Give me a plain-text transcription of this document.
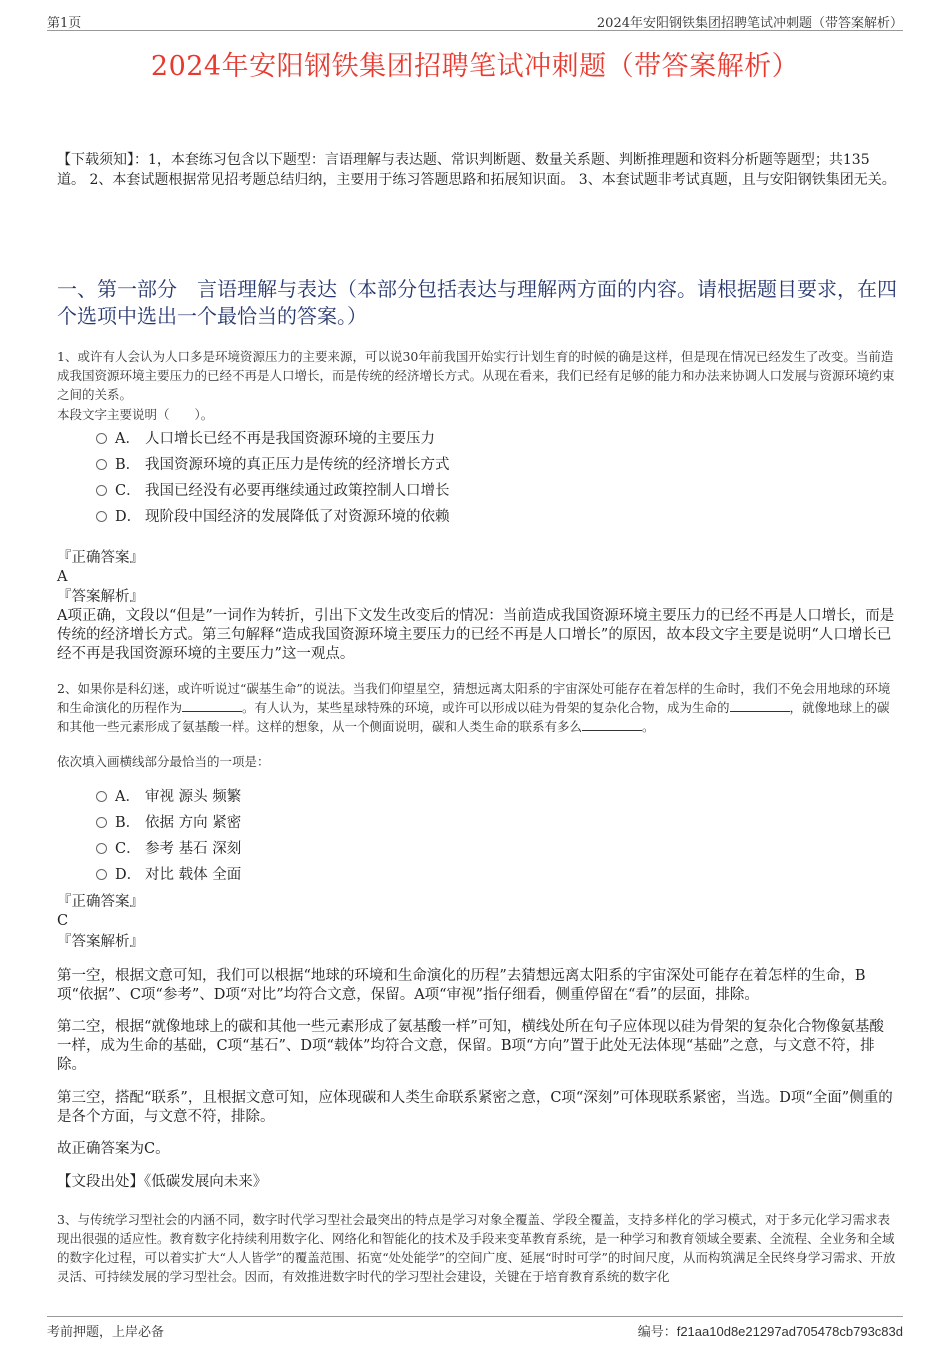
第1页	2024年安阳钢铁集团招聘笔试冲刺题（带答案解析）
2024年安阳钢铁集团招聘笔试冲刺题（带答案解析）
【下载须知】：1，本套练习包含以下题型：言语理解与表达题、常识判断题、数量关系题、判断推理题和资料分析题等题型；共135道。 2、本套试题根据常见招考题总结归纳，主要用于练习答题思路和拓展知识面。 3、本套试题非考试真题，且与安阳钢铁集团无关。
一、第一部分　言语理解与表达（本部分包括表达与理解两方面的内容。请根据题目要求，在四个选项中选出一个最恰当的答案。）
1、或许有人会认为人口多是环境资源压力的主要来源，可以说30年前我国开始实行计划生育的时候的确是这样，但是现在情况已经发生了改变。当前造成我国资源环境主要压力的已经不再是人口增长，而是传统的经济增长方式。从现在看来，我们已经有足够的能力和办法来协调人口发展与资源环境约束之间的关系。
本段文字主要说明（　　）。
A． 人口增长已经不再是我国资源环境的主要压力
B． 我国资源环境的真正压力是传统的经济增长方式
C． 我国已经没有必要再继续通过政策控制人口增长
D． 现阶段中国经济的发展降低了对资源环境的依赖
『正确答案』
A
『答案解析』
A项正确，文段以“但是”一词作为转折，引出下文发生改变后的情况：当前造成我国资源环境主要压力的已经不再是人口增长，而是传统的经济增长方式。第三句解释“造成我国资源环境主要压力的已经不再是人口增长”的原因，故本段文字主要是说明“人口增长已经不再是我国资源环境的主要压力”这一观点。
2、如果你是科幻迷，或许听说过“碳基生命”的说法。当我们仰望星空，猜想远离太阳系的宇宙深处可能存在着怎样的生命时，我们不免会用地球的环境和生命演化的历程作为	。有人认为，某些星球特殊的环境，或许可以形成以硅为骨架的复杂化合物，成为生命的	，就像地球上的碳和其他一些元素形成了氨基酸一样。这样的想象，从一个侧面说明，碳和人类生命的联系有多么	。
依次填入画横线部分最恰当的一项是：
A． 审视 源头 频繁
B． 依据 方向 紧密
C． 参考 基石 深刻
D． 对比 载体 全面
『正确答案』
C
『答案解析』
第一空，根据文意可知，我们可以根据“地球的环境和生命演化的历程”去猜想远离太阳系的宇宙深处可能存在着怎样的生命，B项“依据”、C项“参考”、D项“对比”均符合文意，保留。A项“审视”指仔细看，侧重停留在“看”的层面，排除。
第二空，根据“就像地球上的碳和其他一些元素形成了氨基酸一样”可知，横线处所在句子应体现以硅为骨架的复杂化合物像氨基酸一样，成为生命的基础，C项“基石”、D项“载体”均符合文意，保留。B项“方向”置于此处无法体现“基础”之意，与文意不符，排除。
第三空，搭配“联系”，且根据文意可知，应体现碳和人类生命联系紧密之意，C项“深刻”可体现联系紧密，当选。D项“全面”侧重的是各个方面，与文意不符，排除。
故正确答案为C。
【文段出处】《低碳发展向未来》
3、与传统学习型社会的内涵不同，数字时代学习型社会最突出的特点是学习对象全覆盖、学段全覆盖，支持多样化的学习模式，对于多元化学习需求表现出很强的适应性。教育数字化持续利用数字化、网络化和智能化的技术及手段来变革教育系统，是一种学习和教育领域全要素、全流程、全业务和全域的数字化过程，可以着实扩大“人人皆学”的覆盖范围、拓宽“处处能学”的空间广度、延展“时时可学”的时间尺度，从而构筑满足全民终身学习需求、开放灵活、可持续发展的学习型社会。因而，有效推进数字时代的学习型社会建设，关键在于培育教育系统的数字化
考前押题，上岸必备	编号：f21aa10d8e21297ad705478cb793c83d
